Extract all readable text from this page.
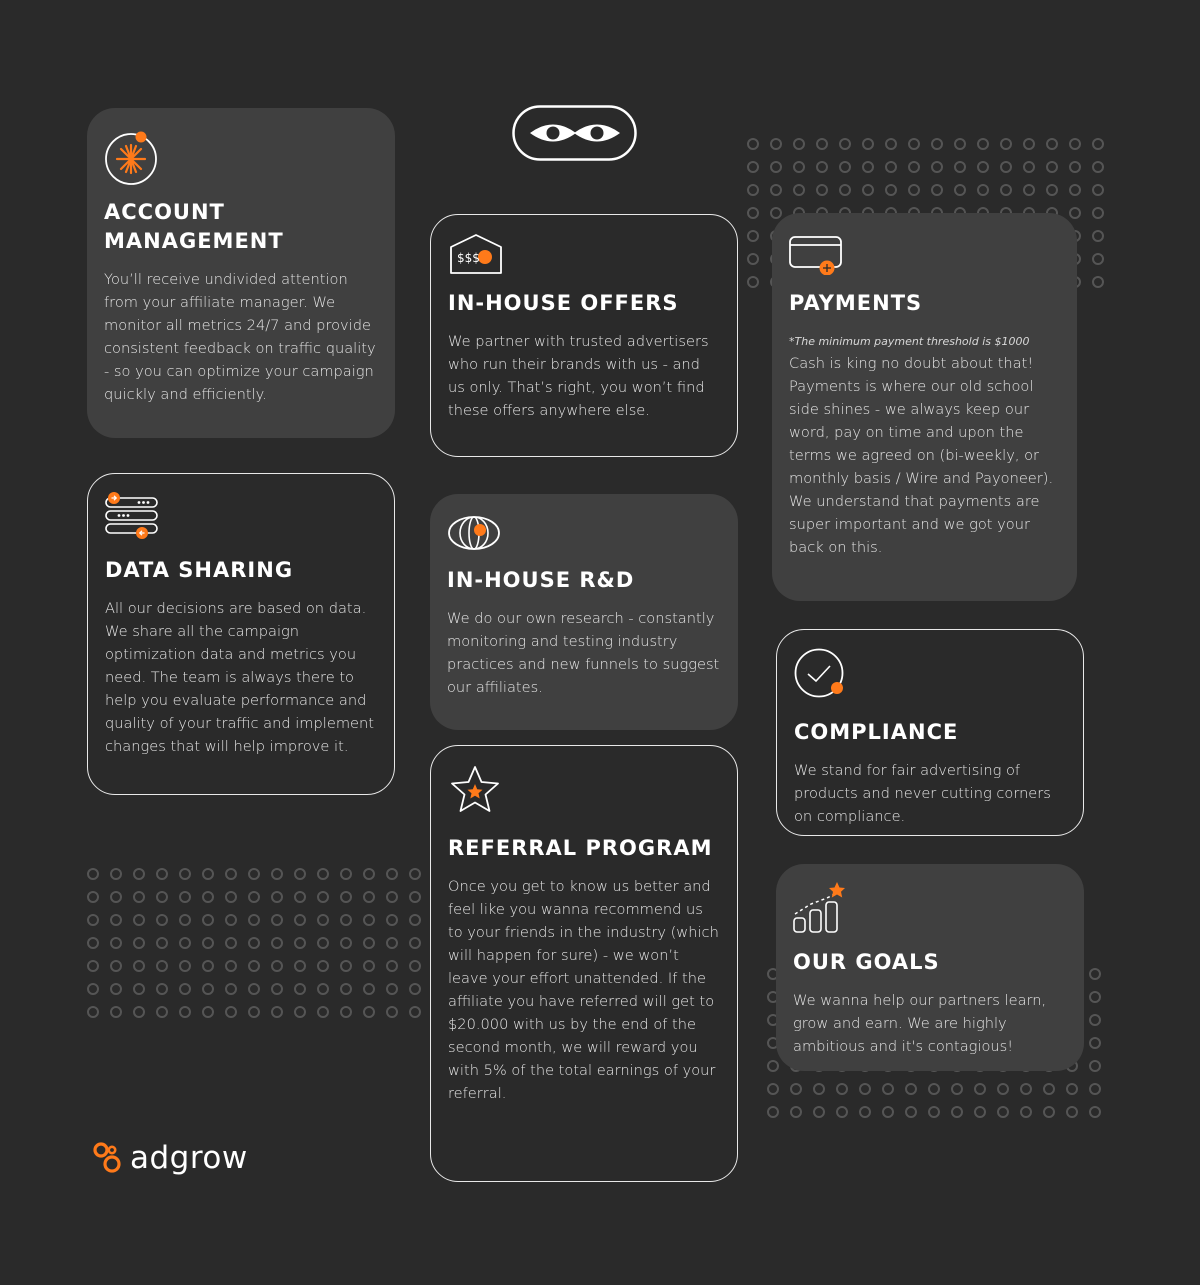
ACCOUNT MANAGEMENT

You’ll receive undivided attention from your affiliate manager. We monitor all metrics 24/7 and provide consistent feedback on traffic quality - so you can optimize your campaign quickly and efficiently.

$$$
IN-HOUSE OFFERS

We partner with trusted advertisers who run their brands with us - and us only. That’s right, you won’t find these offers anywhere else.

PAYMENTS

*The minimum payment threshold is $1000

Cash is king no doubt about that! Payments is where our old school side shines - we always keep our word, pay on time and upon the terms we agreed on (bi-weekly, or monthly basis / Wire and Payoneer). We understand that payments are super important and we got your back on this.

DATA SHARING

All our decisions are based on data. We share all the campaign optimization data and metrics you need. The team is always there to help you evaluate performance and quality of your traffic and implement changes that will help improve it.

IN-HOUSE R&D

We do our own research - constantly monitoring and testing industry practices and new funnels to suggest our affiliates.

COMPLIANCE

We stand for fair advertising of products and never cutting corners on compliance.

REFERRAL PROGRAM

Once you get to know us better and feel like you wanna recommend us to your friends in the industry (which will happen for sure) - we won’t leave your effort unattended. If the affiliate you have referred will get to $20.000 with us by the end of the second month, we will reward you with 5% of the total earnings of your referral.

OUR GOALS

We wanna help our partners learn, grow and earn. We are highly ambitious and it's contagious!

adgrow
